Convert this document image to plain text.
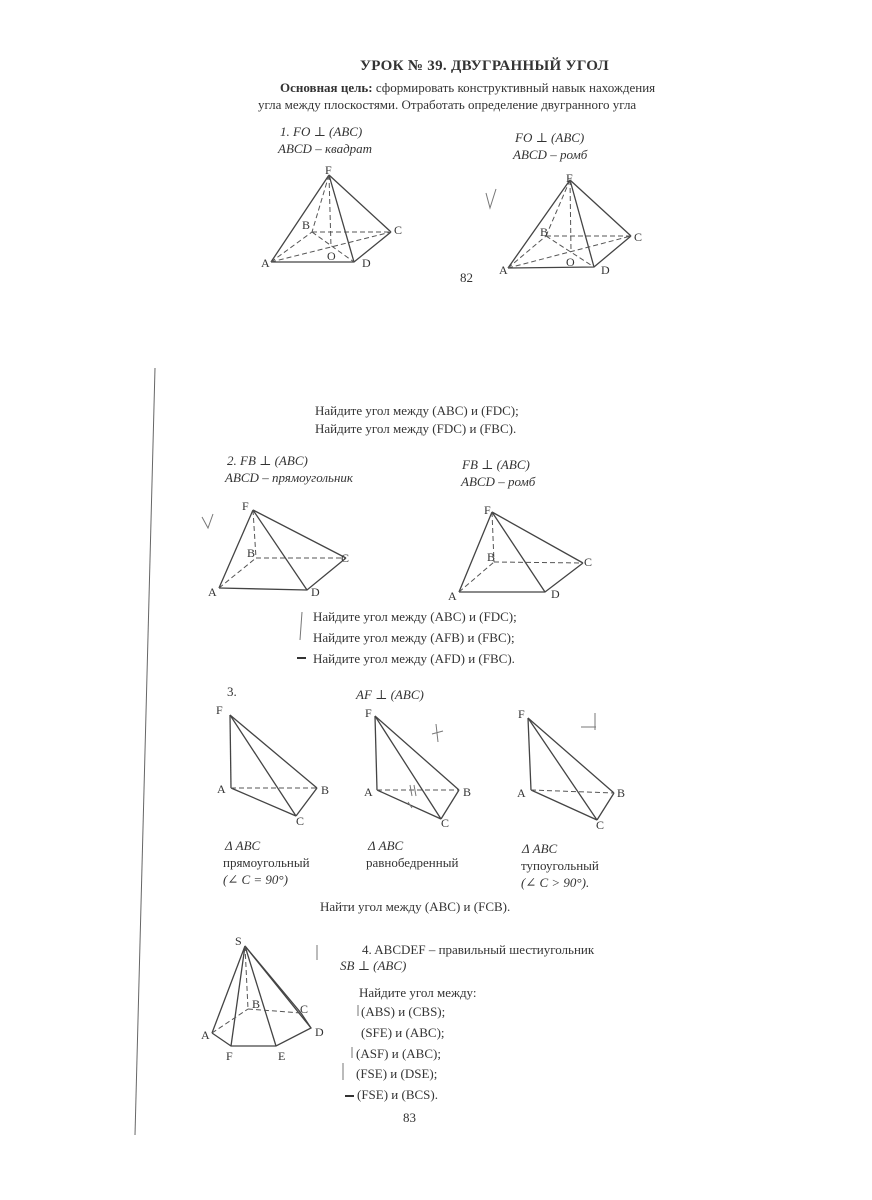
УРОК № 39. ДВУГРАННЫЙ УГОЛ
Основная цель: сформировать конструктивный навык нахождения
угла между плоскостями. Отработать определение двугранного угла
1. FO ⊥ (ABC)
ABCD – квадрат
FO ⊥ (ABC)
ABCD – ромб
F
B	C
A	O D
F
B	C
A
O
D
82
Найдите угол между (ABC) и (FDC);
Найдите угол между (FDC) и (FBC).
2. FB ⊥ (ABC)
ABCD – прямоугольник
FB ⊥ (ABC)
ABCD – ромб
F
B	C
A	D
F
B	C
A	D
Найдите угол между (ABC) и (FDC);
Найдите угол между (AFB) и (FBC);
Найдите угол между (AFD) и (FBC).
3.	AF ⊥ (ABC)
F
A	B
C
F
A	B
C
F
A	B
C
Δ ABC
прямоугольный
(∠ C = 90°)
Δ ABC
равнобедренный
Δ ABC
тупоугольный
(∠ C > 90°).
Найти угол между (ABC) и (FCB).
S
B	C
A	D
F	E
4. ABCDEF – правильный шестиугольник
SB ⊥ (ABC)
Найдите угол между:
(ABS) и (CBS);
(SFE) и (ABC);
(ASF) и (ABC);
(FSE) и (DSE);
(FSE) и (BCS).
83
